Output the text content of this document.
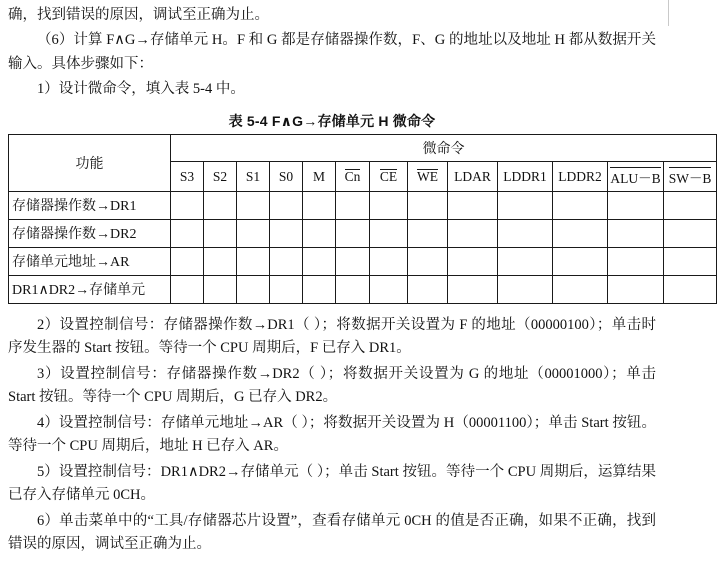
确，找到错误的原因，调试至正确为止。

（6）计算 F∧G→存储单元 H。F 和 G 都是存储器操作数，F、G 的地址以及地址 H 都从数据开关输入。具体步骤如下：

1）设计微命令，填入表 5-4 中。

表 5-4 F∧G→存储单元 H 微命令
功能	微命令												
	S3	S2	S1	S0	M	Cn	CE	WE	LDAR	LDDR1	LDDR2	ALU－B	SW－B
存储器操作数→DR1													
存储器操作数→DR2													
存储单元地址→AR													
DR1∧DR2→存储单元													

2）设置控制信号：存储器操作数→DR1（ ）；将数据开关设置为 F 的地址（00000100）；单击时序发生器的 Start 按钮。等待一个 CPU 周期后，F 已存入 DR1。

3）设置控制信号：存储器操作数→DR2（ ）；将数据开关设置为 G 的地址（00001000）；单击 Start 按钮。等待一个 CPU 周期后，G 已存入 DR2。

4）设置控制信号：存储单元地址→AR（ ）；将数据开关设置为 H（00001100）；单击 Start 按钮。等待一个 CPU 周期后，地址 H 已存入 AR。

5）设置控制信号：DR1∧DR2→存储单元（ ）；单击 Start 按钮。等待一个 CPU 周期后，运算结果已存入存储单元 0CH。

6）单击菜单中的“工具/存储器芯片设置”，查看存储单元 0CH 的值是否正确，如果不正确，找到错误的原因，调试至正确为止。
